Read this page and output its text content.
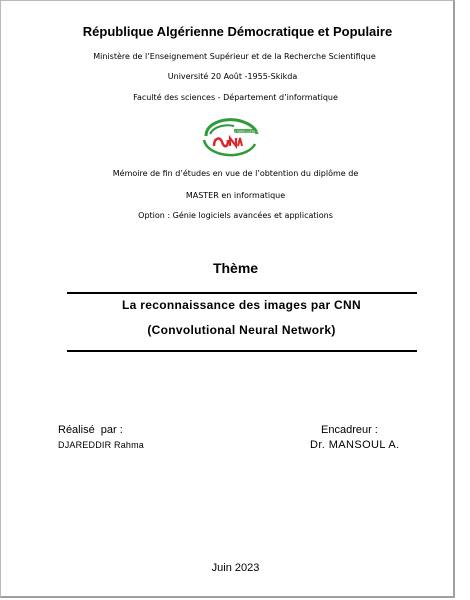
République Algérienne Démocratique et Populaire
Ministère de l’Enseignement Supérieur et de la Recherche Scientifique
Université 20 Août -1955-Skikda
Faculté des sciences - Département d’informatique
جامعة 20 أوت 1955 سكيكدة
Mémoire de fin d’études en vue de l’obtention du diplôme de
MASTER en informatique
Option : Génie logiciels avancées et applications
Thème
La reconnaissance des images par CNN
(Convolutional Neural Network)
Réalisé  par :
DJAREDDIR Rahma
Encadreur :
Dr. MANSOUL A.
Juin 2023
